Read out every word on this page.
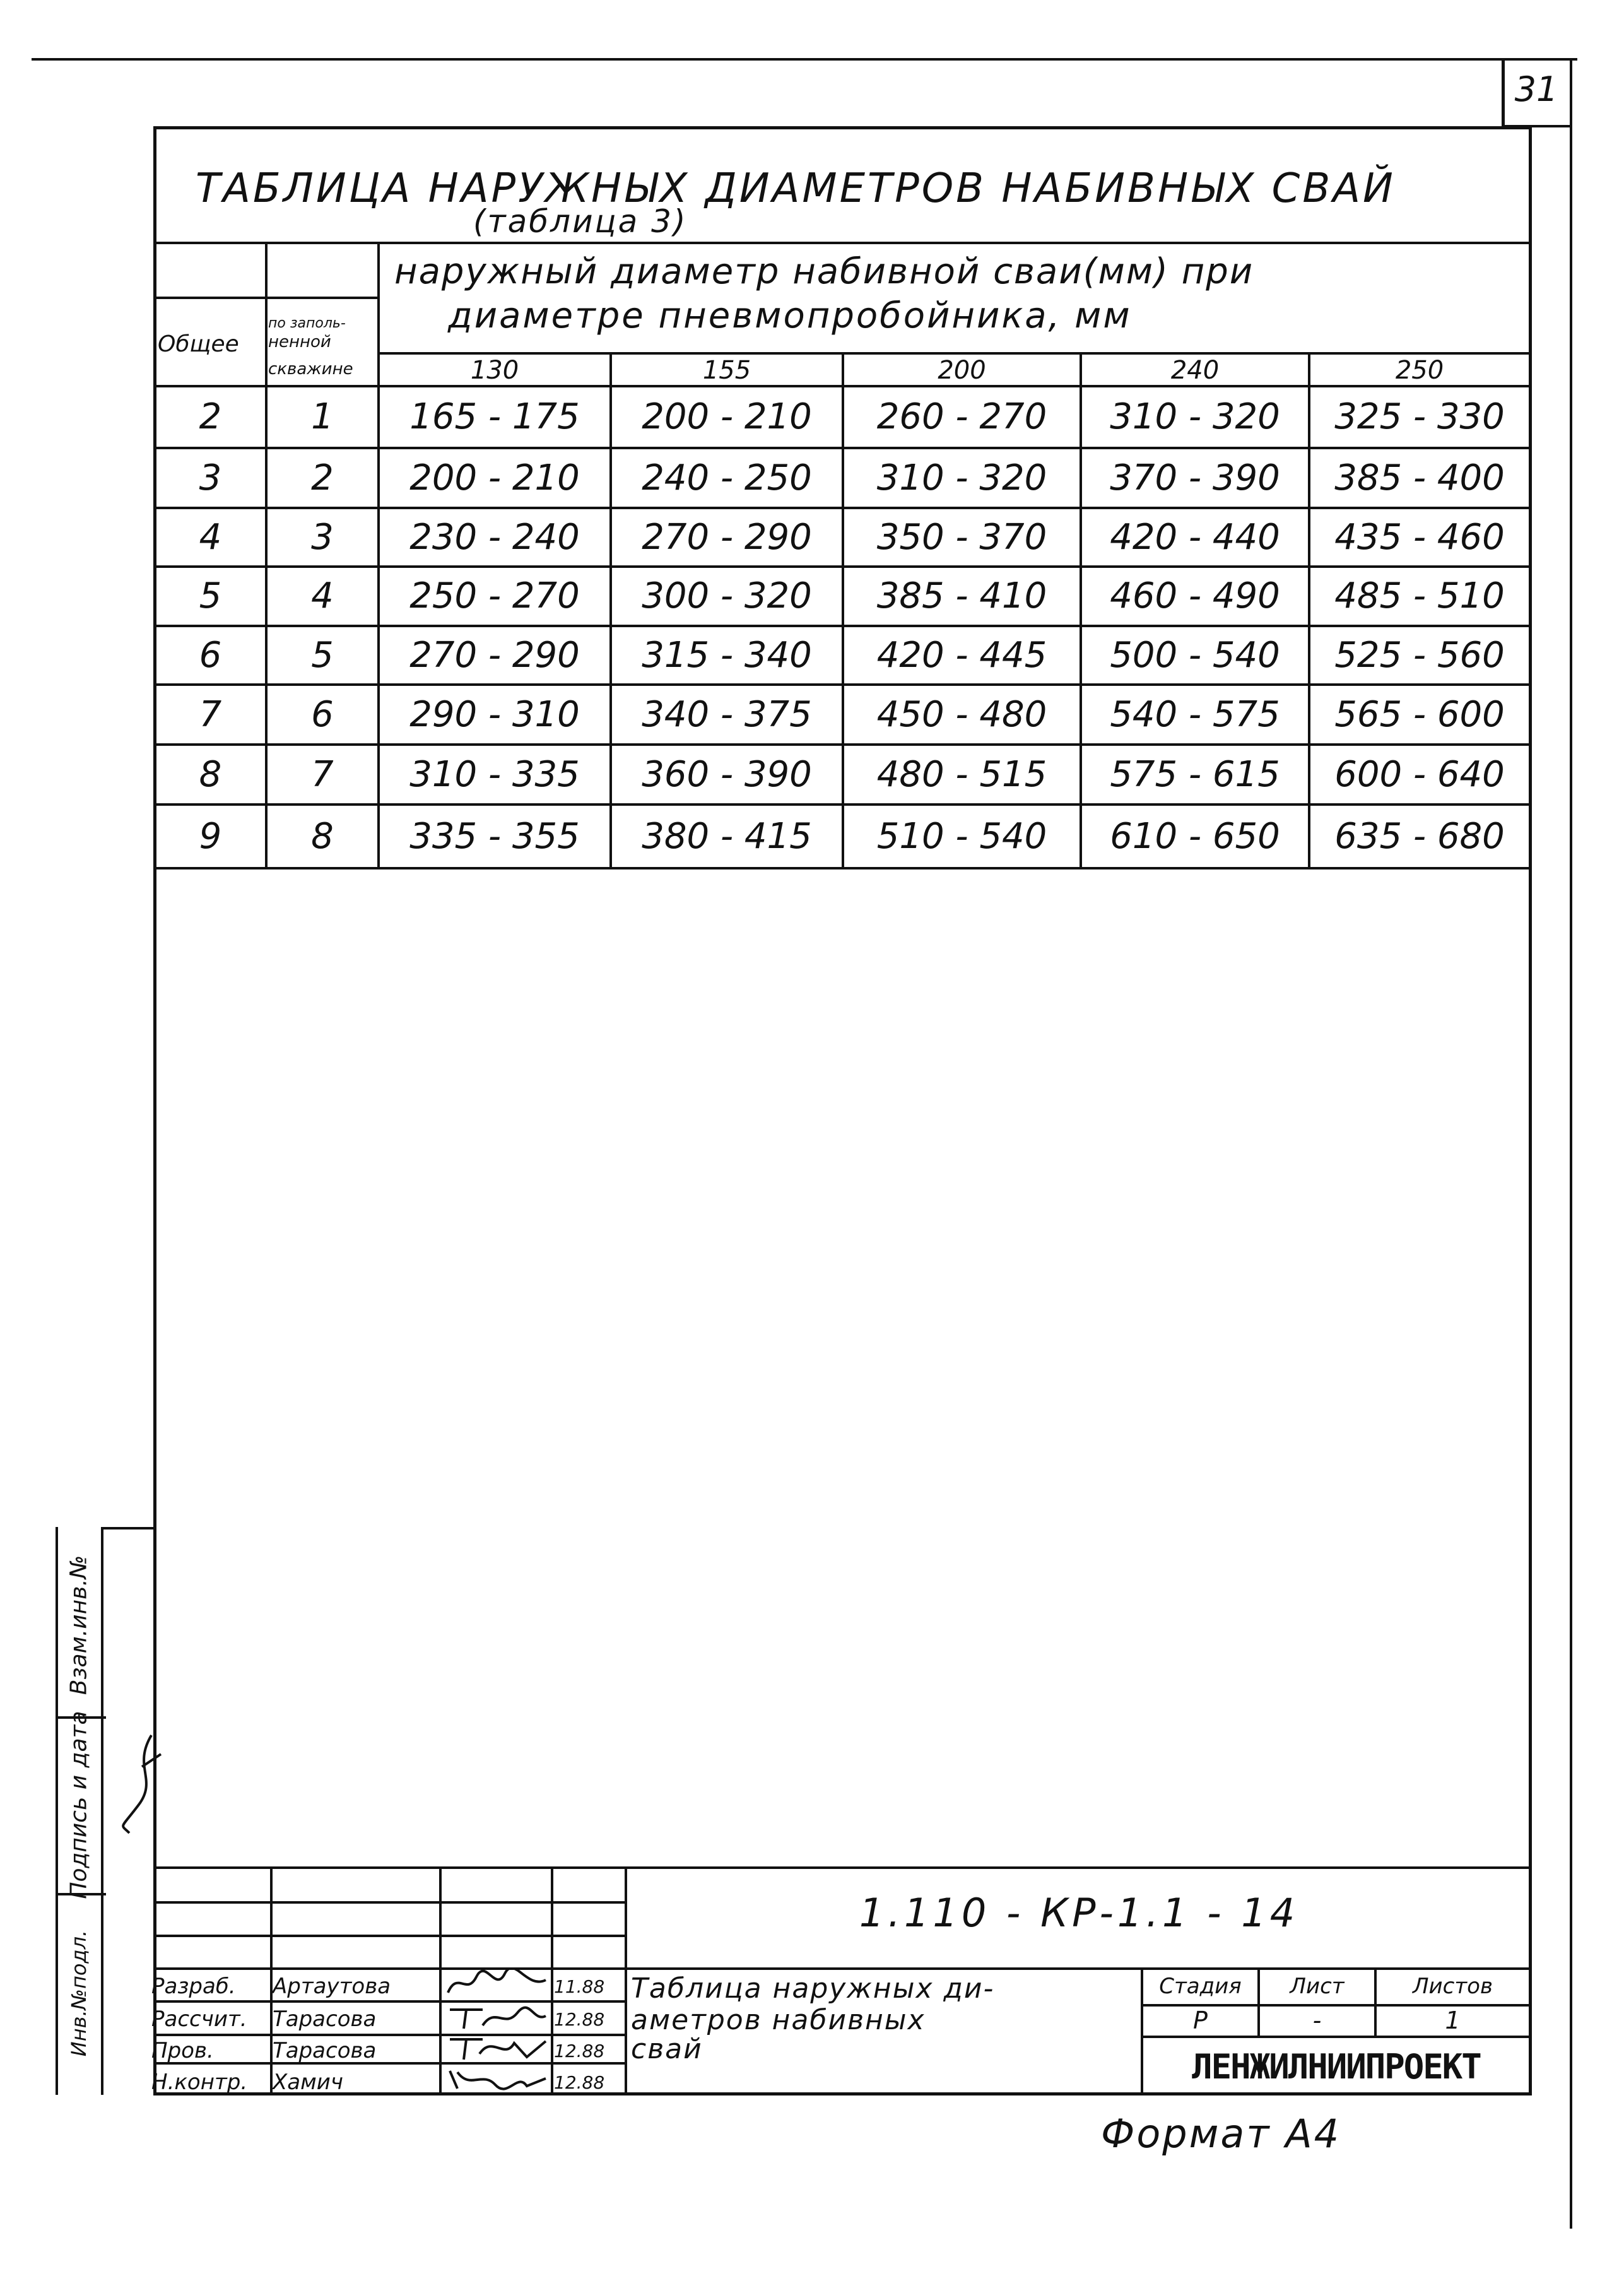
31
ТАБЛИЦА НАРУЖНЫХ ДИАМЕТРОВ НАБИВНЫХ СВАЙ
(таблица 3)
наружный диаметр набивной сваи(мм) при
диаметре пневмопробойника, мм
Общее
по заполь-
ненной
скважине	130	155	200	240	250
2	1	165 - 175	200 - 210	260 - 270	310 - 320	325 - 330
3	2	200 - 210	240 - 250	310 - 320	370 - 390	385 - 400
4	3	230 - 240	270 - 290	350 - 370	420 - 440	435 - 460
5	4	250 - 270	300 - 320	385 - 410	460 - 490	485 - 510
6	5	270 - 290	315 - 340	420 - 445	500 - 540	525 - 560
7	6	290 - 310	340 - 375	450 - 480	540 - 575	565 - 600
8	7	310 - 335	360 - 390	480 - 515	575 - 615	600 - 640
9	8	335 - 355	380 - 415	510 - 540	610 - 650	635 - 680
Взам.инв.№
Подпись и дата
Инв.№подл.
1.110 - КР-1.1 - 14
Разраб. Артаутова	11.88
Рассчит. Тарасова	12.88
Пров.	Тарасова	12.88
Н.контр. Хамич	12.88
Таблица наружных ди-
аметров набивных
свай
Стадия	Лист	Листов
Р	-	1
ЛЕНЖИЛНИИПРОЕКТ
Формат А4
